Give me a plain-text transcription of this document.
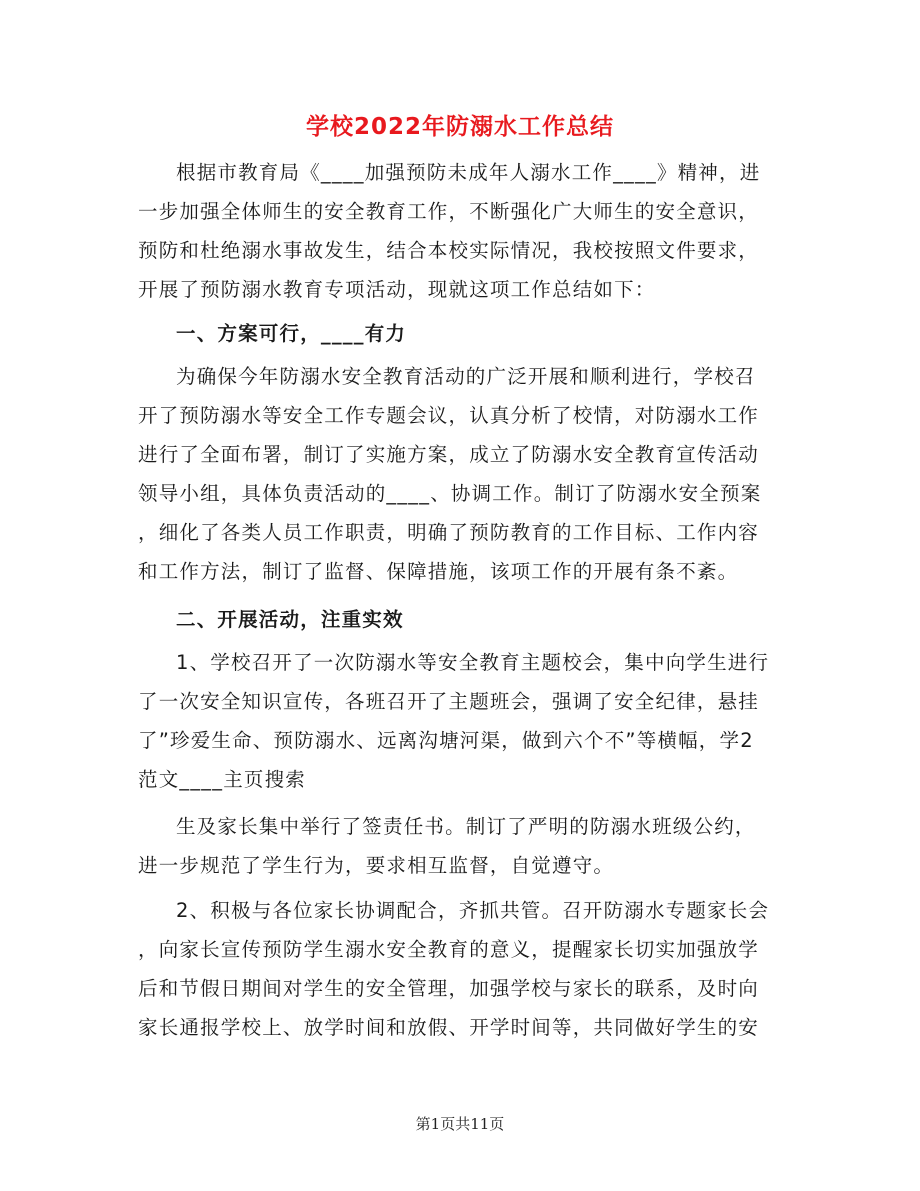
学校2022年防溺水工作总结
根据市教育局《____加强预防未成年人溺水工作____》精神，进
一步加强全体师生的安全教育工作，不断强化广大师生的安全意识，
预防和杜绝溺水事故发生，结合本校实际情况，我校按照文件要求，
开展了预防溺水教育专项活动，现就这项工作总结如下：
一、方案可行，____有力
为确保今年防溺水安全教育活动的广泛开展和顺利进行，学校召
开了预防溺水等安全工作专题会议，认真分析了校情，对防溺水工作
进行了全面布署，制订了实施方案，成立了防溺水安全教育宣传活动
领导小组，具体负责活动的____、协调工作。制订了防溺水安全预案
，细化了各类人员工作职责，明确了预防教育的工作目标、工作内容
和工作方法，制订了监督、保障措施，该项工作的开展有条不紊。
二、开展活动，注重实效
1、学校召开了一次防溺水等安全教育主题校会，集中向学生进行
了一次安全知识宣传，各班召开了主题班会，强调了安全纪律，悬挂
了”珍爱生命、预防溺水、远离沟塘河渠，做到六个不”等横幅，学2
范文____主页搜索
生及家长集中举行了签责任书。制订了严明的防溺水班级公约，
进一步规范了学生行为，要求相互监督，自觉遵守。
2、积极与各位家长协调配合，齐抓共管。召开防溺水专题家长会
，向家长宣传预防学生溺水安全教育的意义，提醒家长切实加强放学
后和节假日期间对学生的安全管理，加强学校与家长的联系，及时向
家长通报学校上、放学时间和放假、开学时间等，共同做好学生的安
第1页共11页
